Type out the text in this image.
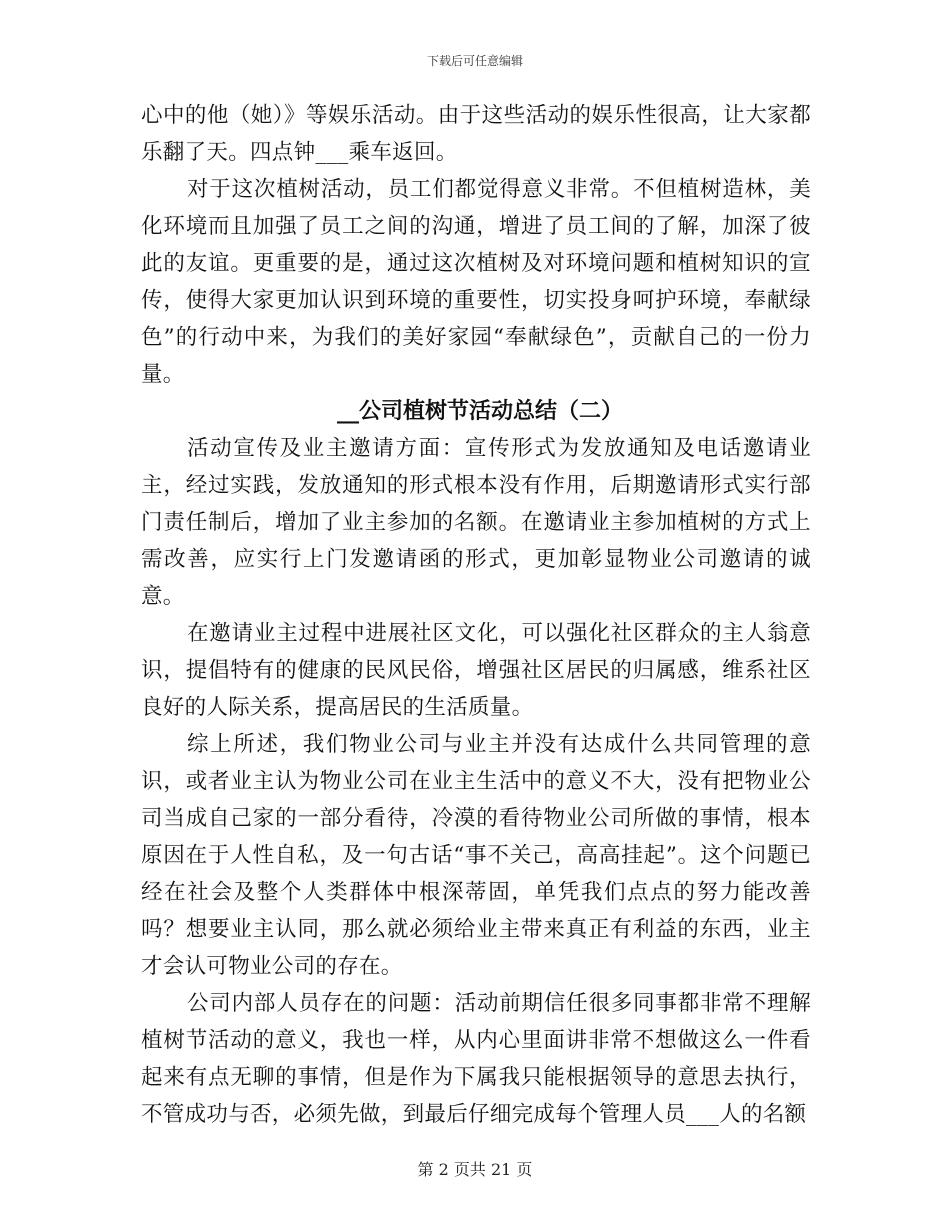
下载后可任意编辑

心中的他（她）》等娱乐活动。由于这些活动的娱乐性很高，让大家都乐翻了天。四点钟___乘车返回。

对于这次植树活动，员工们都觉得意义非常。不但植树造林，美化环境而且加强了员工之间的沟通，增进了员工间的了解，加深了彼此的友谊。更重要的是，通过这次植树及对环境问题和植树知识的宣传，使得大家更加认识到环境的重要性，切实投身呵护环境，奉献绿色”的行动中来，为我们的美好家园“奉献绿色”，贡献自己的一份力量。

__公司植树节活动总结（二）

活动宣传及业主邀请方面：宣传形式为发放通知及电话邀请业主，经过实践，发放通知的形式根本没有作用，后期邀请形式实行部门责任制后，增加了业主参加的名额。在邀请业主参加植树的方式上需改善，应实行上门发邀请函的形式，更加彰显物业公司邀请的诚意。

在邀请业主过程中进展社区文化，可以强化社区群众的主人翁意识，提倡特有的健康的民风民俗，增强社区居民的归属感，维系社区良好的人际关系，提高居民的生活质量。

综上所述，我们物业公司与业主并没有达成什么共同管理的意识，或者业主认为物业公司在业主生活中的意义不大，没有把物业公司当成自己家的一部分看待，冷漠的看待物业公司所做的事情，根本原因在于人性自私，及一句古话“事不关己，高高挂起”。这个问题已经在社会及整个人类群体中根深蒂固，单凭我们点点的努力能改善吗？想要业主认同，那么就必须给业主带来真正有利益的东西，业主才会认可物业公司的存在。

公司内部人员存在的问题：活动前期信任很多同事都非常不理解植树节活动的意义，我也一样，从内心里面讲非常不想做这么一件看起来有点无聊的事情，但是作为下属我只能根据领导的意思去执行，不管成功与否，必须先做，到最后仔细完成每个管理人员___人的名额

第 2 页共 21 页
